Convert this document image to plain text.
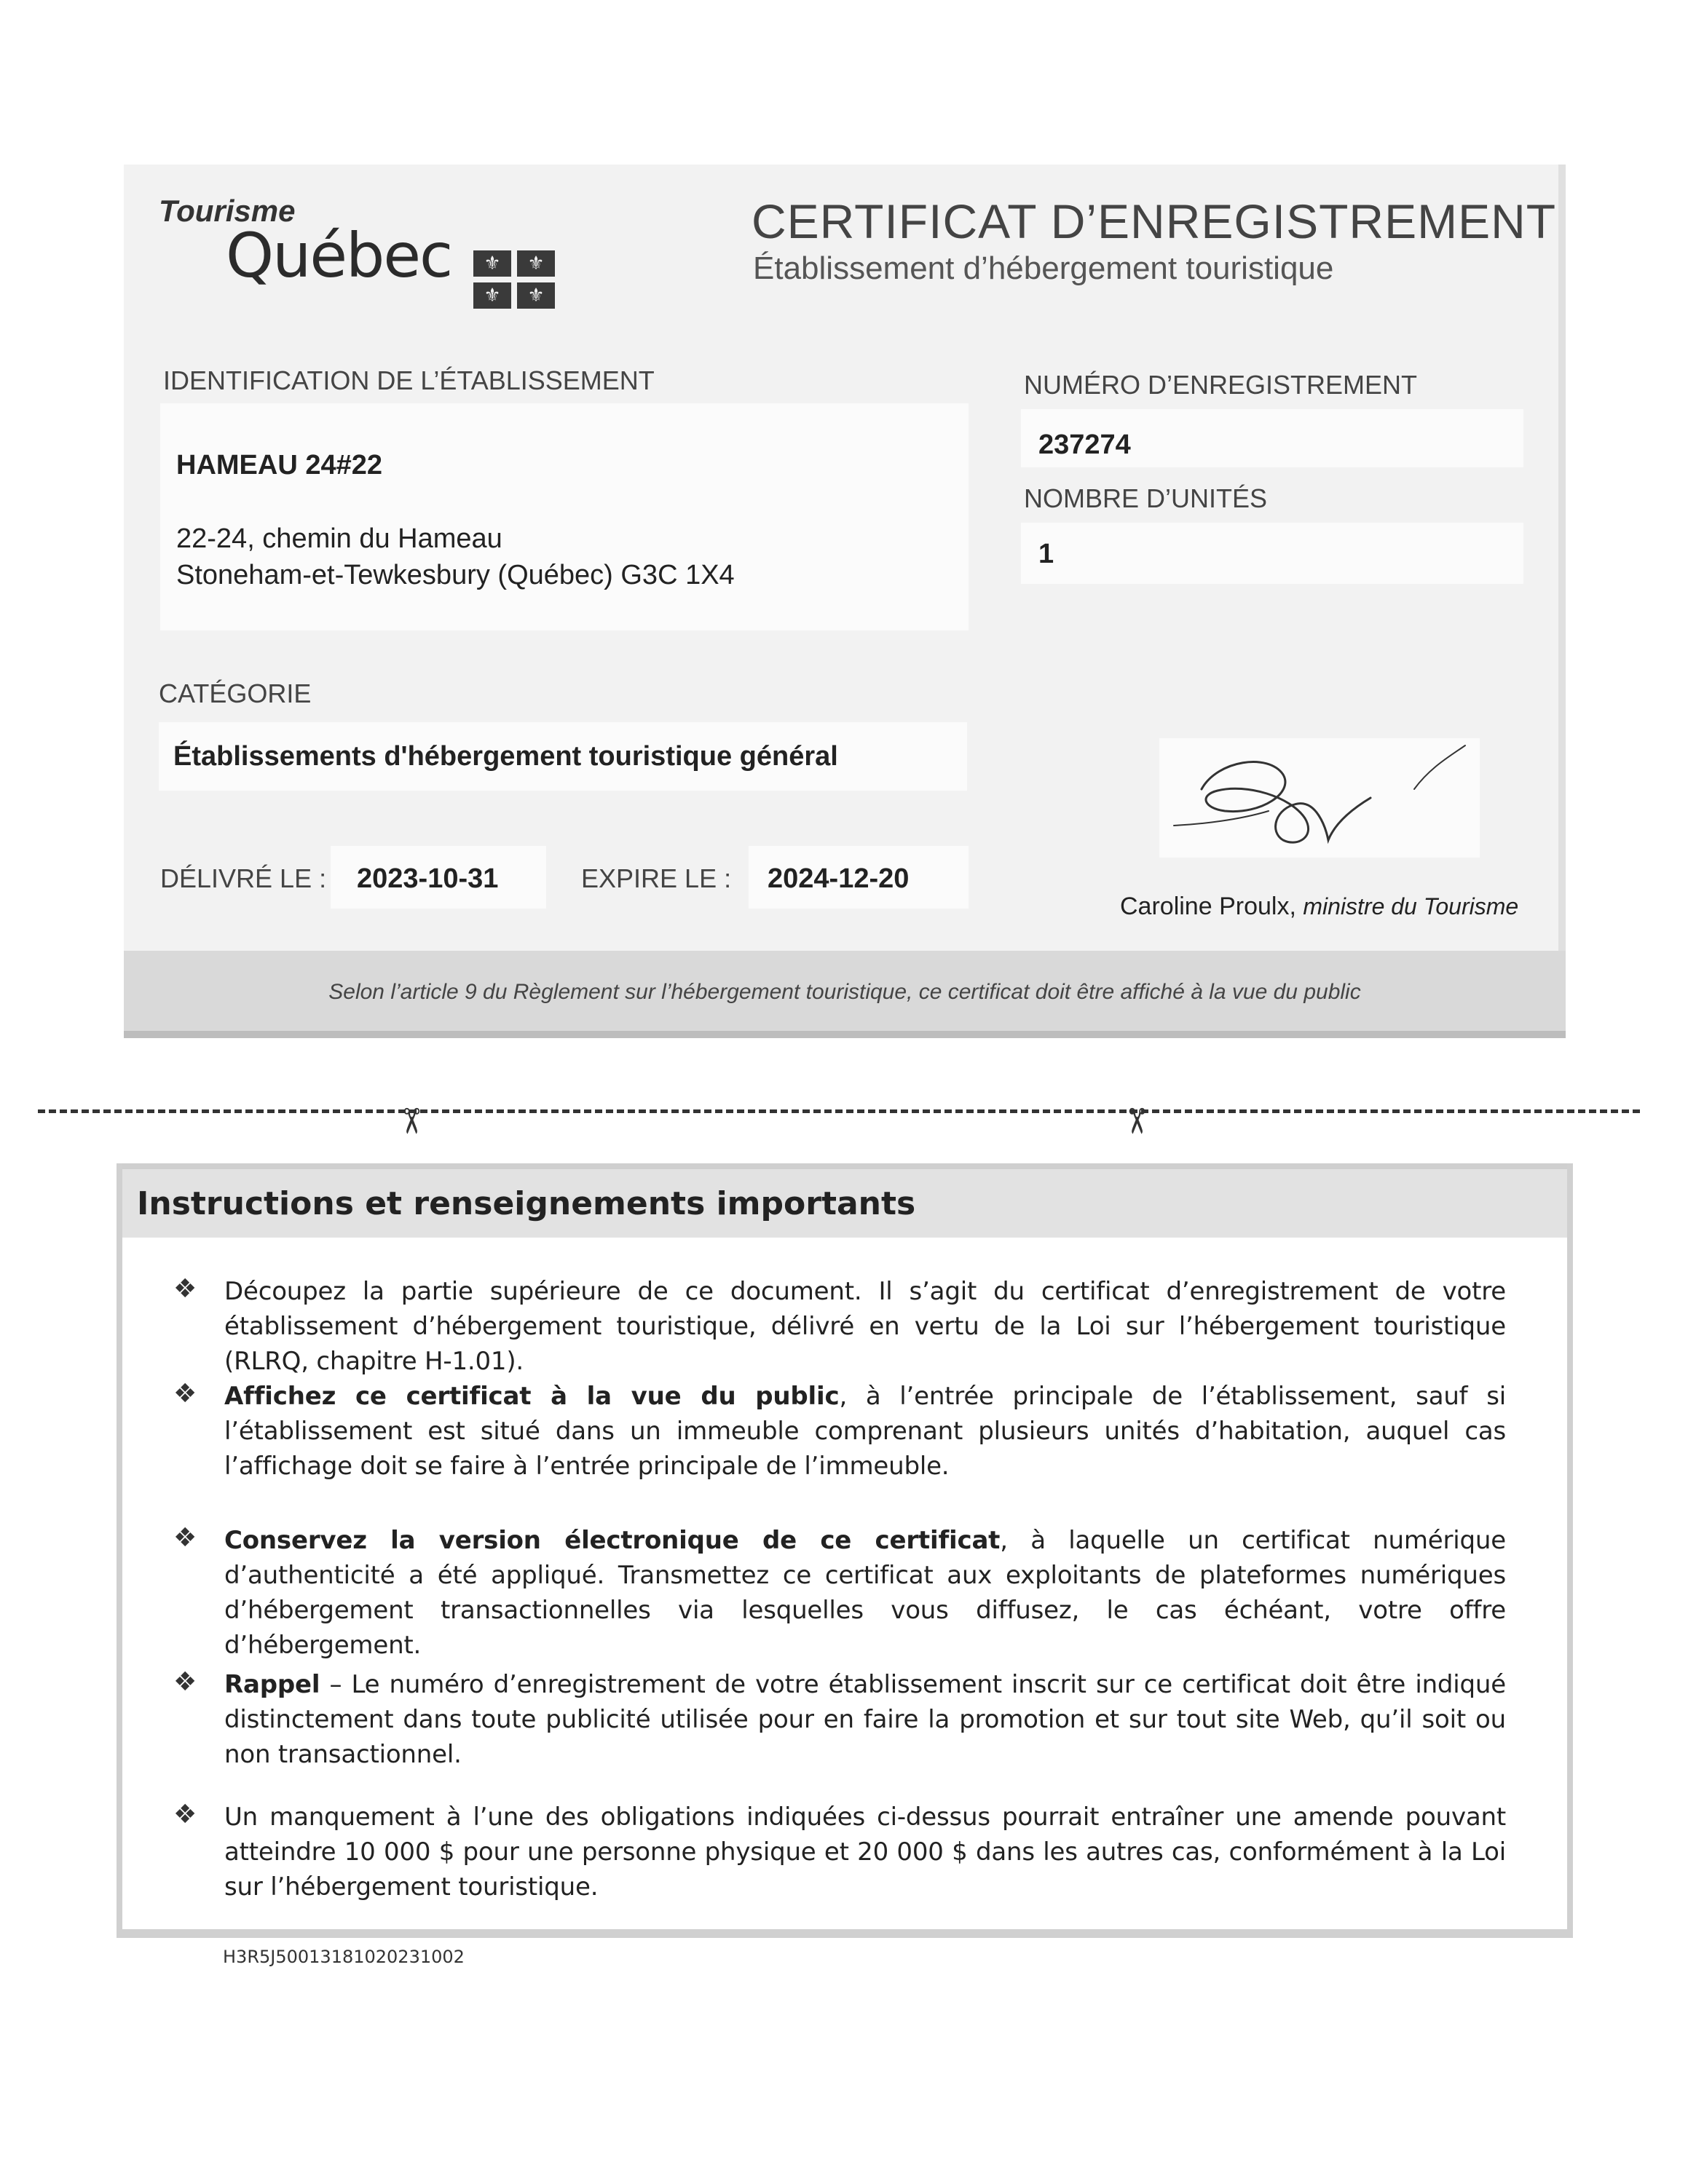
Tourisme
Québec	⚜	⚜
⚜	⚜
CERTIFICAT D’ENREGISTREMENT
Établissement d’hébergement touristique
IDENTIFICATION DE L’ÉTABLISSEMENT
HAMEAU 24#22
22-24, chemin du Hameau
Stoneham-et-Tewkesbury (Québec) G3C 1X4
NUMÉRO D’ENREGISTREMENT
237274
NOMBRE D’UNITÉS
1
CATÉGORIE
Établissements d'hébergement touristique général
DÉLIVRÉ LE : 2023-10-31	EXPIRE LE : 2024-12-20
Caroline Proulx, ministre du Tourisme
Selon l’article 9 du Règlement sur l’hébergement touristique, ce certificat doit être affiché à la vue du public
✂	✂
Instructions et renseignements importants
❖ Découpez la partie supérieure de ce document. Il s’agit du certificat d’enregistrement de votre établissement d’hébergement touristique, délivré en vertu de la Loi sur l’hébergement touristique (RLRQ, chapitre H-1.01).

❖ Affichez ce certificat à la vue du public, à l’entrée principale de l’établissement, sauf si l’établissement est situé dans un immeuble comprenant plusieurs unités d’habitation, auquel cas l’affichage doit se faire à l’entrée principale de l’immeuble.

❖ Conservez la version électronique de ce certificat, à laquelle un certificat numérique d’authenticité a été appliqué. Transmettez ce certificat aux exploitants de plateformes numériques d’hébergement transactionnelles via lesquelles vous diffusez, le cas échéant, votre offre d’hébergement.

❖ Rappel – Le numéro d’enregistrement de votre établissement inscrit sur ce certificat doit être indiqué distinctement dans toute publicité utilisée pour en faire la promotion et sur tout site Web, qu’il soit ou non transactionnel.

❖ Un manquement à l’une des obligations indiquées ci-dessus pourrait entraîner une amende pouvant atteindre 10 000 $ pour une personne physique et 20 000 $ dans les autres cas, conformément à la Loi sur l’hébergement touristique.

H3R5J50013181020231002
